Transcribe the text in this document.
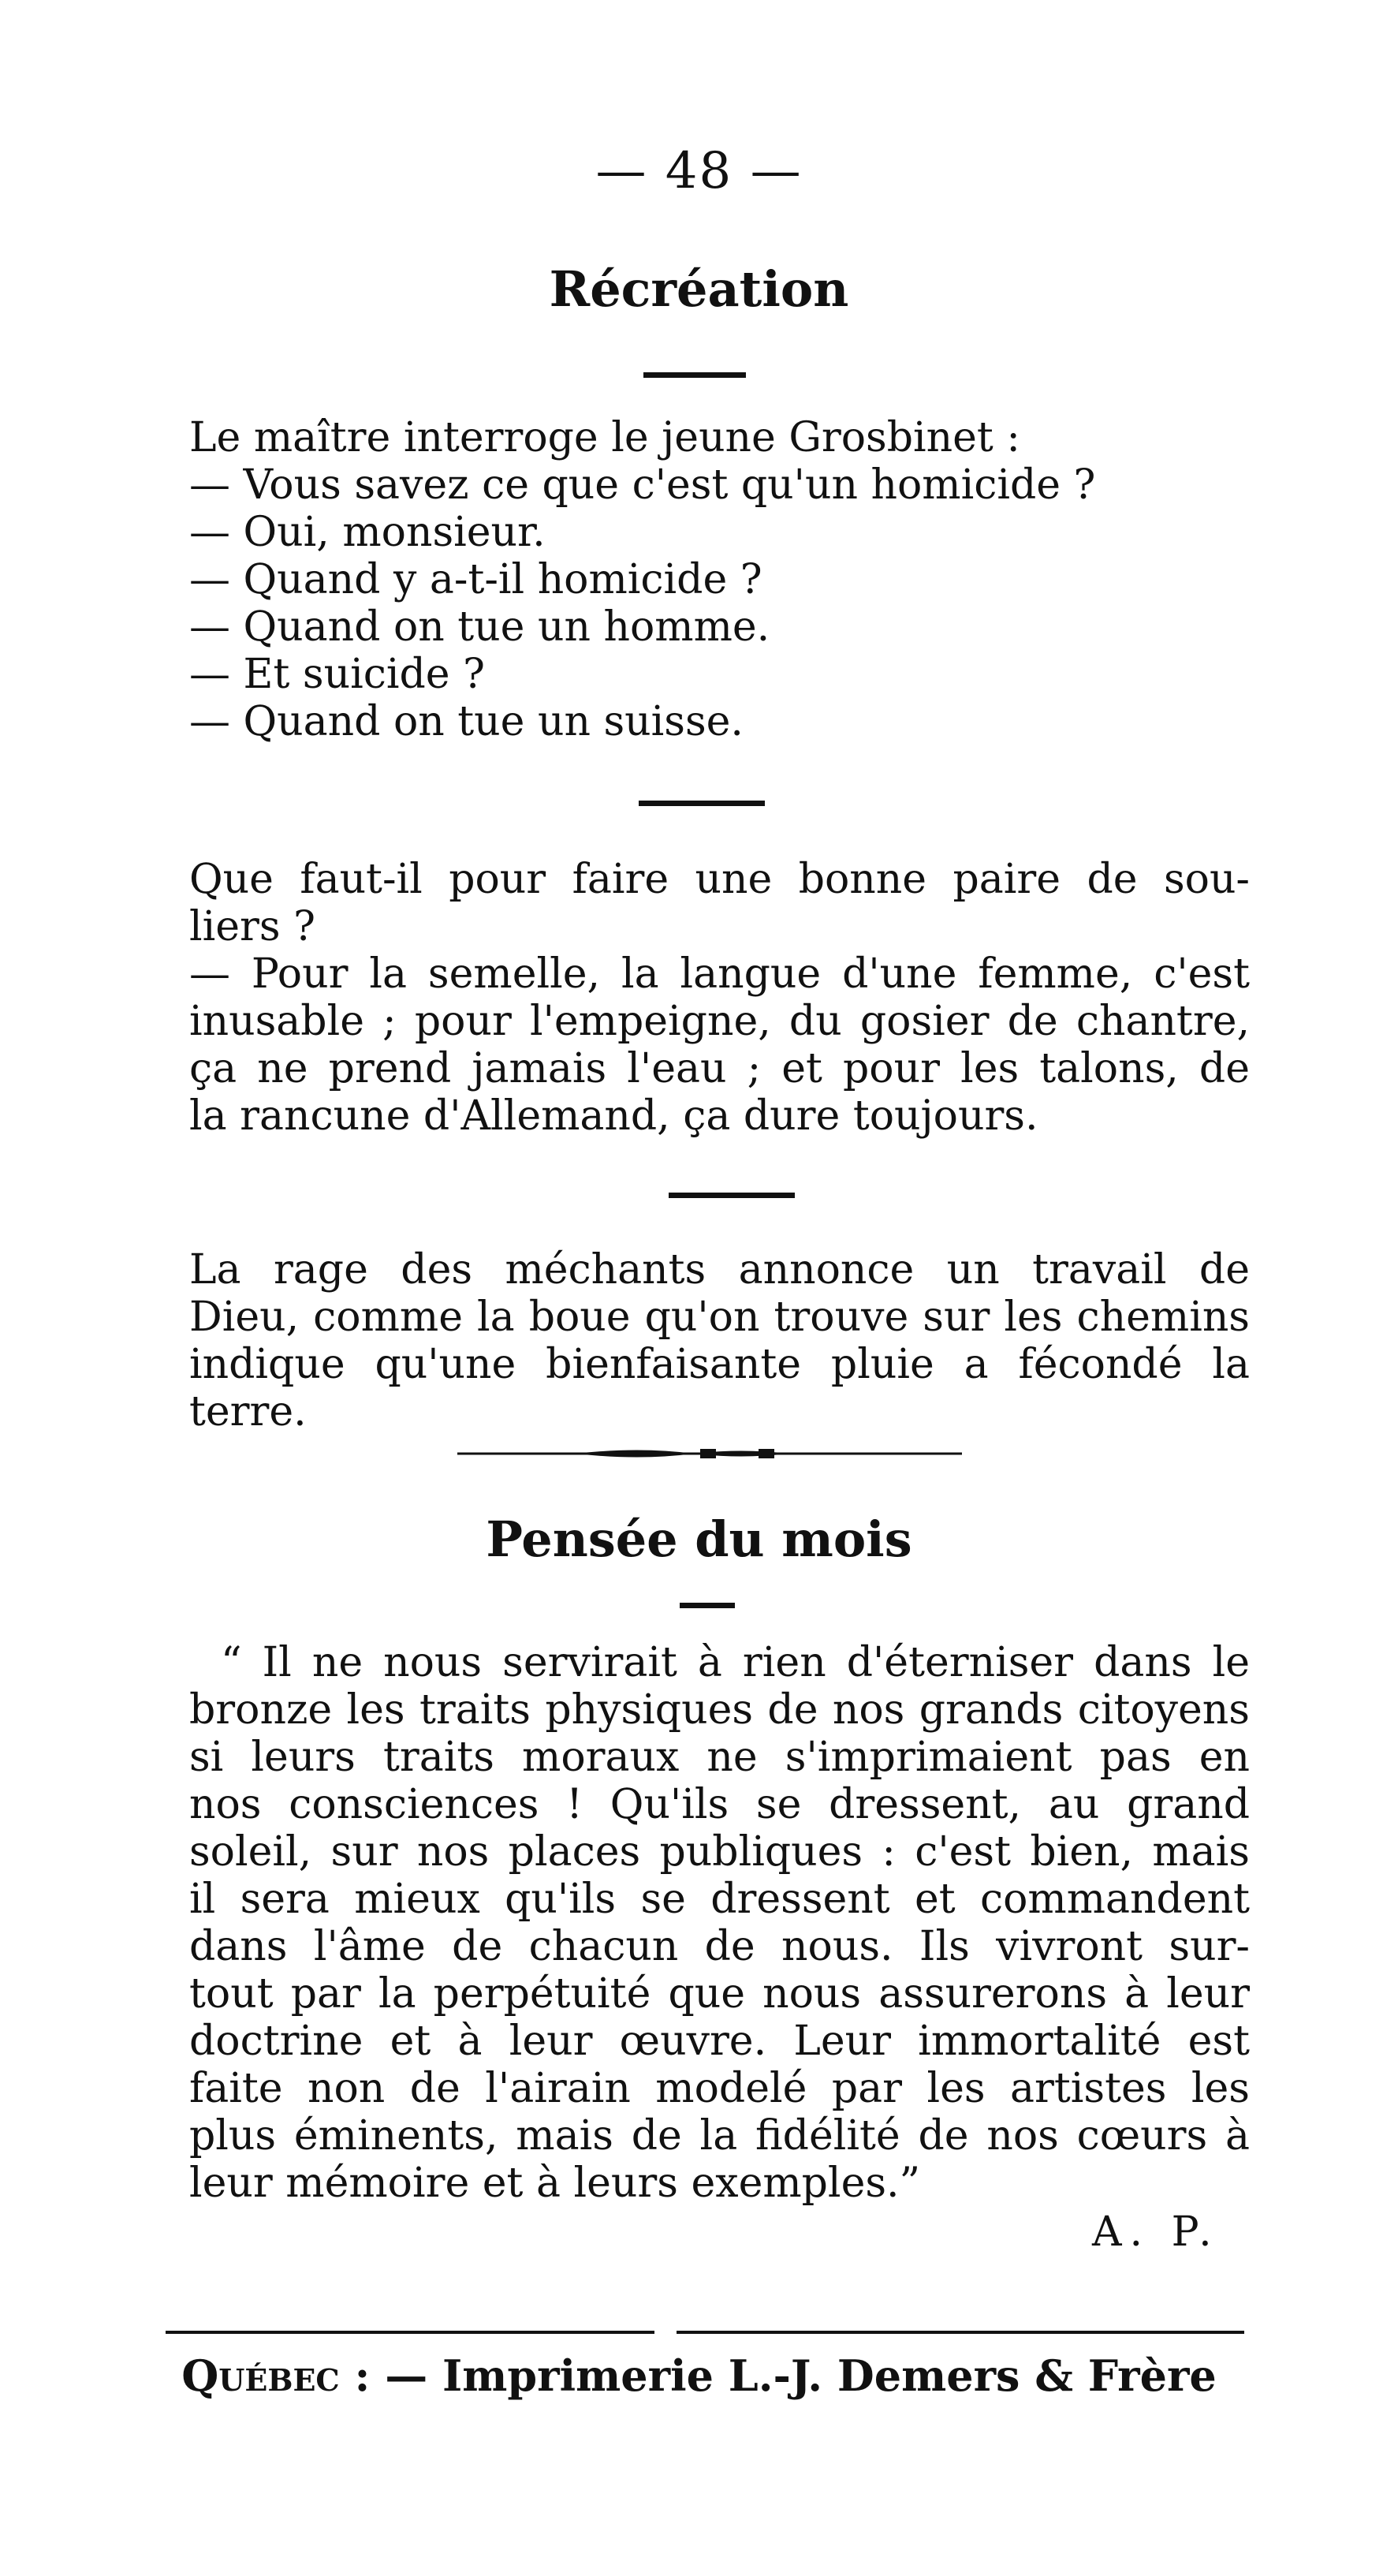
— 48 —
Récréation
Le maître interroge le jeune Grosbinet :
— Vous savez ce que c'est qu'un homicide ?
— Oui, monsieur.
— Quand y a-t-il homicide ?
— Quand on tue un homme.
— Et suicide ?
— Quand on tue un suisse.
Que faut-il pour faire une bonne paire de sou-
liers ?
— Pour la semelle, la langue d'une femme, c'est
inusable ; pour l'empeigne, du gosier de chantre,
ça ne prend jamais l'eau ; et pour les talons, de
la rancune d'Allemand, ça dure toujours.
La rage des méchants annonce un travail de
Dieu, comme la boue qu'on trouve sur les chemins
indique qu'une bienfaisante pluie a fécondé la
terre.
Pensée du mois
“ Il ne nous servirait à rien d'éterniser dans le
bronze les traits physiques de nos grands citoyens
si leurs traits moraux ne s'imprimaient pas en
nos consciences ! Qu'ils se dressent, au grand
soleil, sur nos places publiques : c'est bien, mais
il sera mieux qu'ils se dressent et commandent
dans l'âme de chacun de nous. Ils vivront sur-
tout par la perpétuité que nous assurerons à leur
doctrine et à leur œuvre. Leur immortalité est
faite non de l'airain modelé par les artistes les
plus éminents, mais de la fidélité de nos cœurs à
leur mémoire et à leurs exemples.”
A. P.
Québec : — Imprimerie L.-J. Demers & Frère
